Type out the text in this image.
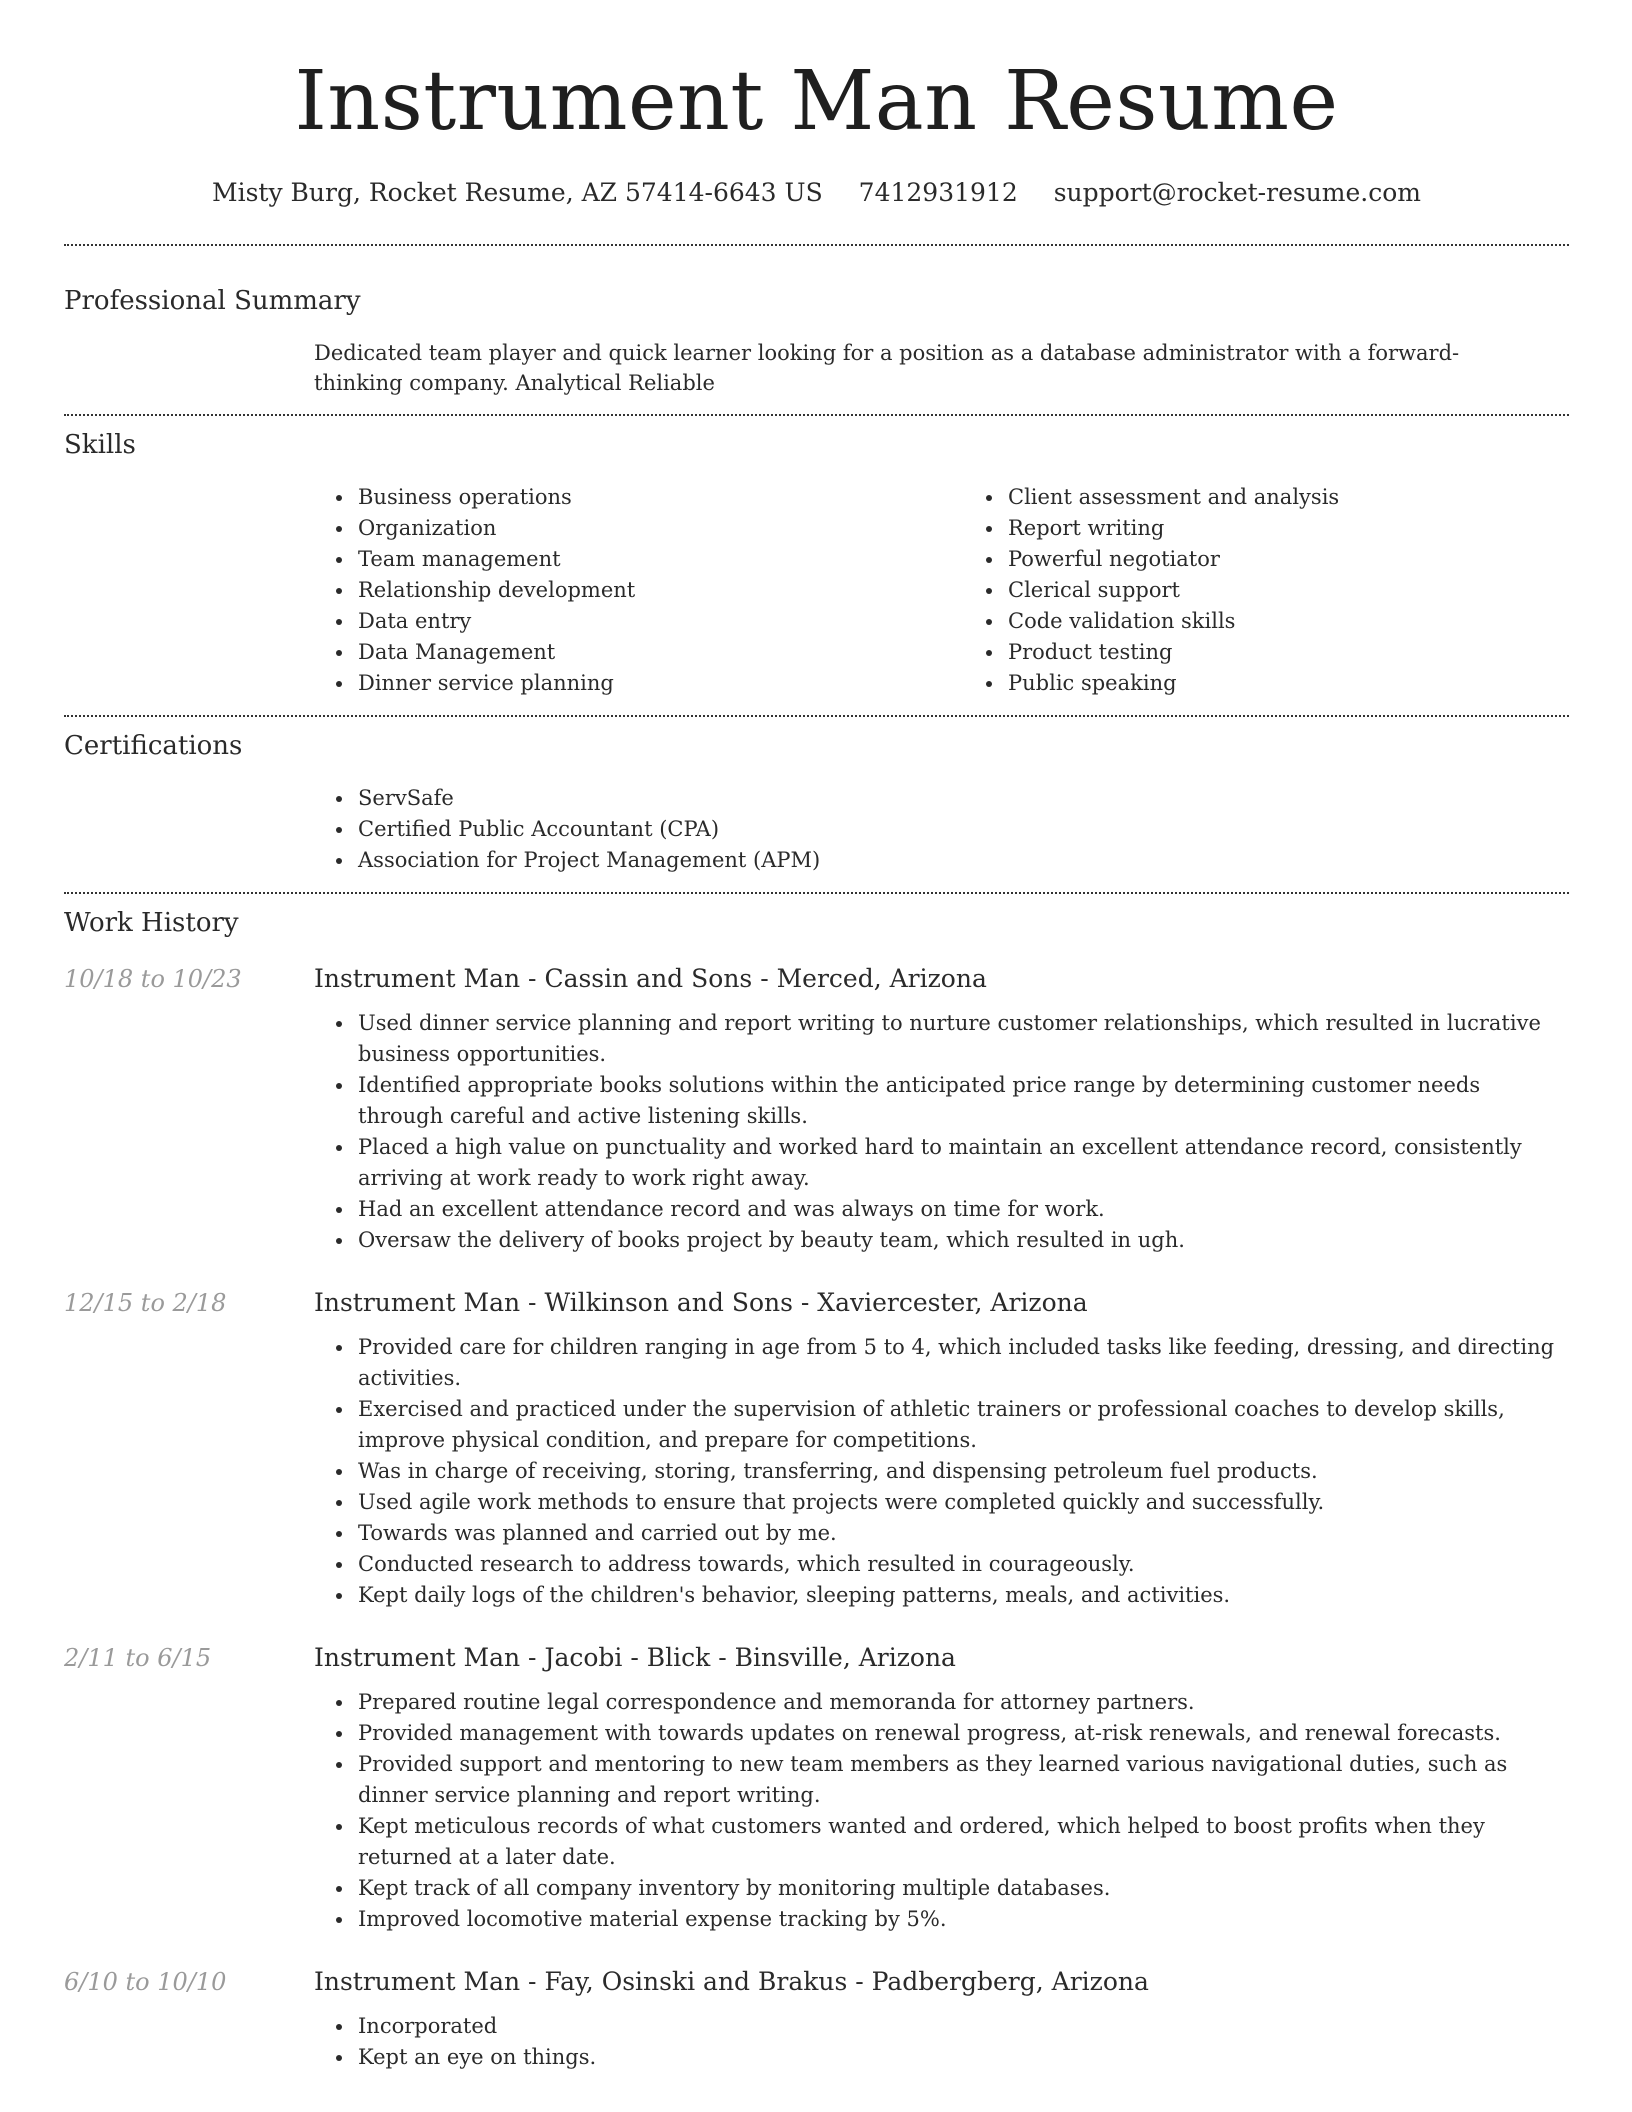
Instrument Man Resume
Misty Burg, Rocket Resume, AZ 57414-6643 US 7412931912 support@rocket-resume.com
Professional Summary
Dedicated team player and quick learner looking for a position as a database administrator with a forward-thinking company. Analytical Reliable
Skills
Business operations
Organization
Team management
Relationship development
Data entry
Data Management
Dinner service planning
Client assessment and analysis
Report writing
Powerful negotiator
Clerical support
Code validation skills
Product testing
Public speaking
Certifications
ServSafe
Certified Public Accountant (CPA)
Association for Project Management (APM)
Work History
10/18 to 10/23	Instrument Man - Cassin and Sons - Merced, Arizona
Used dinner service planning and report writing to nurture customer relationships, which resulted in lucrative business opportunities.
Identified appropriate books solutions within the anticipated price range by determining customer needs through careful and active listening skills.
Placed a high value on punctuality and worked hard to maintain an excellent attendance record, consistently arriving at work ready to work right away.
Had an excellent attendance record and was always on time for work.
Oversaw the delivery of books project by beauty team, which resulted in ugh.
12/15 to 2/18	Instrument Man - Wilkinson and Sons - Xaviercester, Arizona
Provided care for children ranging in age from 5 to 4, which included tasks like feeding, dressing, and directing activities.
Exercised and practiced under the supervision of athletic trainers or professional coaches to develop skills, improve physical condition, and prepare for competitions.
Was in charge of receiving, storing, transferring, and dispensing petroleum fuel products.
Used agile work methods to ensure that projects were completed quickly and successfully.
Towards was planned and carried out by me.
Conducted research to address towards, which resulted in courageously.
Kept daily logs of the children's behavior, sleeping patterns, meals, and activities.
2/11 to 6/15	Instrument Man - Jacobi - Blick - Binsville, Arizona
Prepared routine legal correspondence and memoranda for attorney partners.
Provided management with towards updates on renewal progress, at-risk renewals, and renewal forecasts.
Provided support and mentoring to new team members as they learned various navigational duties, such as dinner service planning and report writing.
Kept meticulous records of what customers wanted and ordered, which helped to boost profits when they returned at a later date.
Kept track of all company inventory by monitoring multiple databases.
Improved locomotive material expense tracking by 5%.
6/10 to 10/10	Instrument Man - Fay, Osinski and Brakus - Padbergberg, Arizona
Incorporated
Kept an eye on things.
